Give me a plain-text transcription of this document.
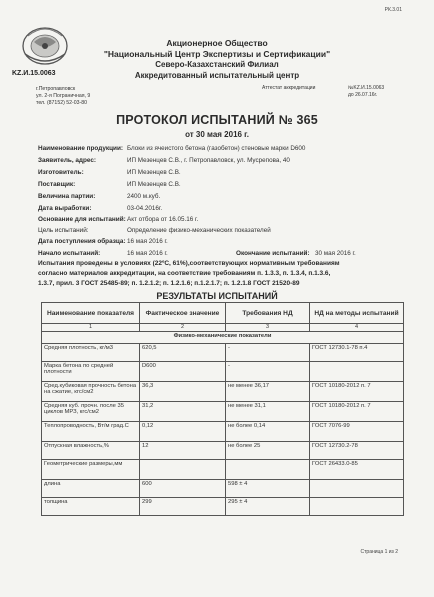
РК.3.01
KZ.И.15.0063
Акционерное Общество
"Национальный Центр Экспертизы и Сертификации"
Северо-Казахстанский Филиал
Аккредитованный испытательный центр
г.Петропавловск
ул. 2-я Пограничная, 9
тел. (87152) 52-03-80
Аттестат аккредитации	№KZ.И.15.0063
до 26.07.16г.
ПРОТОКОЛ ИСПЫТАНИЙ № 365
от 30 мая 2016 г.
Наименование продукции: Блоки из ячеистого бетона (газобетон) стеновые марки D600
Заявитель, адрес:	ИП Мезенцев С.В., г. Петропавловск, ул. Мусрепова, 40
Изготовитель:	ИП Мезенцев С.В.
Поставщик:	ИП Мезенцев С.В.
Величина партии:	2400 м.куб.
Дата выработки:	03-04.2016г.
Основание для испытаний: Акт отбора от 16.05.16 г.
Цель испытаний:	Определение физико-механических показателей
Дата поступления образца: 16 мая 2016 г.
Начало испытаний:	16 мая 2016 г.	Окончание испытаний: 30 мая 2016 г.
Испытания проведены в условиях (22ºС, 61%),соответствующих нормативным требованиям
согласно материалов аккредитации, на соответствие требованиям п. 1.3.3, п. 1.3.4, п.1.3.6,
1.3.7, прил. 3 ГОСТ 25485-89; п. 1.2.1.2; п. 1.2.1.6; п.1.2.1.7; п. 1.2.1.8 ГОСТ 21520-89
РЕЗУЛЬТАТЫ ИСПЫТАНИЙ
Наименование показателя	Фактическое значение	Требования НД	НД на методы испытаний
1	2	3	4
Физико-механические показатели			
Средняя плотность, кг/м3	620,5	-	ГОСТ 12730.1-78 п.4
Марка бетона по средней плотности	D600	-	
Сред.кубиковая прочность бетона на сжатие, кгс/см2	36,3	не менее 36,17	ГОСТ 10180-2012 п. 7
Средняя куб. прочн. после 35 циклов МРЗ, кгс/см2	31,2	не менее 31,1	ГОСТ 10180-2012 п. 7
Теплопроводность, Вт/м град.С	0,12	не более 0,14	ГОСТ 7076-99
Отпускная влажность,%	12	не более 25	ГОСТ 12730.2-78
Геометрические размеры,мм			ГОСТ 26433.0-85
длина	600	598 ± 4	
толщина	299	295 ± 4	
Страница 1 из 2
